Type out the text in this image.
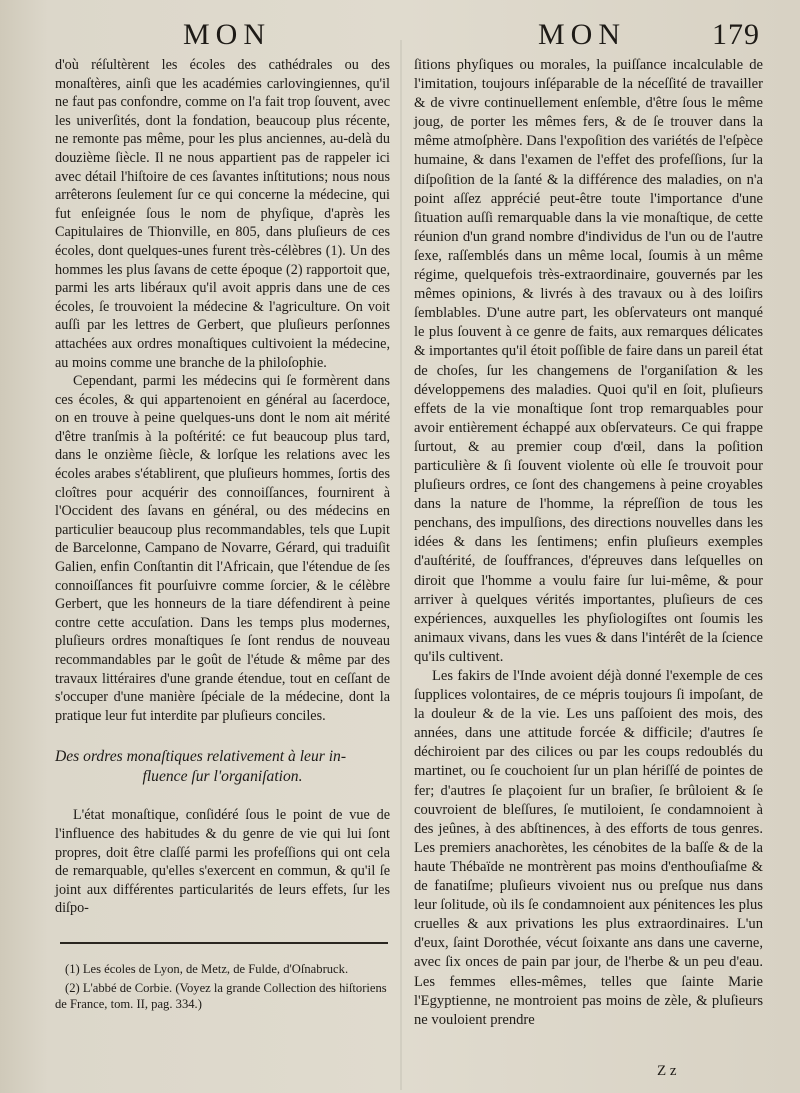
MON	MON	179

d'où réſultèrent les écoles des cathédrales ou des monaſtères, ainſi que les académies carlovingiennes, qu'il ne faut pas confondre, comme on l'a fait trop ſouvent, avec les univerſités, dont la fondation, beaucoup plus récente, ne remonte pas même, pour les plus anciennes, au-delà du douzième ſiècle. Il ne nous appartient pas de rappeler ici avec détail l'hiſtoire de ces ſavantes inſtitutions; nous nous arrêterons ſeulement ſur ce qui concerne la médecine, qui fut enſeignée ſous le nom de phyſique, d'après les Capitulaires de Thionville, en 805, dans pluſieurs de ces écoles, dont quelques-unes furent très-célèbres (1). Un des hommes les plus ſavans de cette époque (2) rapportoit que, parmi les arts libéraux qu'il avoit appris dans une de ces écoles, ſe trouvoient la médecine & l'agriculture. On voit auſſi par les lettres de Gerbert, que pluſieurs perſonnes attachées aux ordres monaſtiques cultivoient la médecine, au moins comme une branche de la philoſophie.

Cependant, parmi les médecins qui ſe formèrent dans ces écoles, & qui appartenoient en général au ſacerdoce, on en trouve à peine quelques-uns dont le nom ait mérité d'être tranſmis à la poſtérité: ce fut beaucoup plus tard, dans le onzième ſiècle, & lorſque les relations avec les écoles arabes s'établirent, que pluſieurs hommes, ſortis des cloîtres pour acquérir des connoiſſances, fournirent à l'Occident des ſavans en général, ou des médecins en particulier beaucoup plus recommandables, tels que Lupit de Barcelonne, Campano de Novarre, Gérard, qui traduiſit Galien, enfin Conſtantin dit l'Africain, que l'étendue de ſes connoiſſances fit pourſuivre comme ſorcier, & le célèbre Gerbert, que les honneurs de la tiare défendirent à peine contre cette accuſation. Dans les temps plus modernes, pluſieurs ordres monaſtiques ſe ſont rendus de nouveau recommandables par le goût de l'étude & même par des travaux littéraires d'une grande étendue, tout en ceſſant de s'occuper d'une manière ſpéciale de la médecine, dont la pratique leur fut interdite par pluſieurs conciles.

Des ordres monaſtiques relativement à leur in-
fluence ſur l'organiſation.

L'état monaſtique, conſidéré ſous le point de vue de l'influence des habitudes & du genre de vie qui lui ſont propres, doit être claſſé parmi les profeſſions qui ont cela de remarquable, qu'elles s'exercent en commun, & qu'il ſe joint aux différentes particularités de leurs effets, ſur les diſpo-

(1) Les écoles de Lyon, de Metz, de Fulde, d'Oſnabruck.

(2) L'abbé de Corbie. (Voyez la grande Collection des hiſtoriens de France, tom. II, pag. 334.)

ſitions phyſiques ou morales, la puiſſance incalculable de l'imitation, toujours inſéparable de la néceſſité de travailler & de vivre continuellement enſemble, d'être ſous le même joug, de porter les mêmes fers, & de ſe trouver dans la même atmoſphère. Dans l'expoſition des variétés de l'eſpèce humaine, & dans l'examen de l'effet des profeſſions, ſur la diſpoſition de la ſanté & la différence des maladies, on n'a point aſſez apprécié peut-être toute l'importance d'une ſituation auſſi remarquable dans la vie monaſtique, de cette réunion d'un grand nombre d'individus de l'un ou de l'autre ſexe, raſſemblés dans un même local, ſoumis à un même régime, quelquefois très-extraordinaire, gouvernés par les mêmes opinions, & livrés à des travaux ou à des loiſirs ſemblables. D'une autre part, les obſervateurs ont manqué le plus ſouvent à ce genre de faits, aux remarques délicates & importantes qu'il étoit poſſible de faire dans un pareil état de choſes, ſur les changemens de l'organiſation & les développemens des maladies. Quoi qu'il en ſoit, pluſieurs effets de la vie monaſtique ſont trop remarquables pour avoir entièrement échappé aux obſervateurs. Ce qui frappe ſurtout, & au premier coup d'œil, dans la poſition particulière & ſi ſouvent violente où elle ſe trouvoit pour pluſieurs ordres, ce ſont des changemens à peine croyables dans la nature de l'homme, la répreſſion de tous les penchans, des impulſions, des directions nouvelles dans les idées & dans les ſentimens; enfin pluſieurs exemples d'auſtérité, de ſouffrances, d'épreuves dans leſquelles on diroit que l'homme a voulu faire ſur lui-même, & pour arriver à quelques vérités importantes, pluſieurs de ces expériences, auxquelles les phyſiologiſtes ont ſoumis les animaux vivans, dans les vues & dans l'intérêt de la ſcience qu'ils cultivent.

Les fakirs de l'Inde avoient déjà donné l'exemple de ces ſupplices volontaires, de ce mépris toujours ſi impoſant, de la douleur & de la vie. Les uns paſſoient des mois, des années, dans une attitude forcée & difficile; d'autres ſe déchiroient par des cilices ou par les coups redoublés du martinet, ou ſe couchoient ſur un plan hériſſé de pointes de fer; d'autres ſe plaçoient ſur un braſier, ſe brûloient & ſe couvroient de bleſſures, ſe mutiloient, ſe condamnoient à des jeûnes, à des abſtinences, à des efforts de tous genres. Les premiers anachorètes, les cénobites de la baſſe & de la haute Thébaïde ne montrèrent pas moins d'enthouſiaſme & de fanatiſme; pluſieurs vivoient nus ou preſque nus dans leur ſolitude, où ils ſe condamnoient aux pénitences les plus cruelles & aux privations les plus extraordinaires. L'un d'eux, ſaint Dorothée, vécut ſoixante ans dans une caverne, avec ſix onces de pain par jour, de l'herbe & un peu d'eau. Les femmes elles-mêmes, telles que ſainte Marie l'Egyptienne, ne montroient pas moins de zèle, & pluſieurs ne vouloient prendre

Z z
